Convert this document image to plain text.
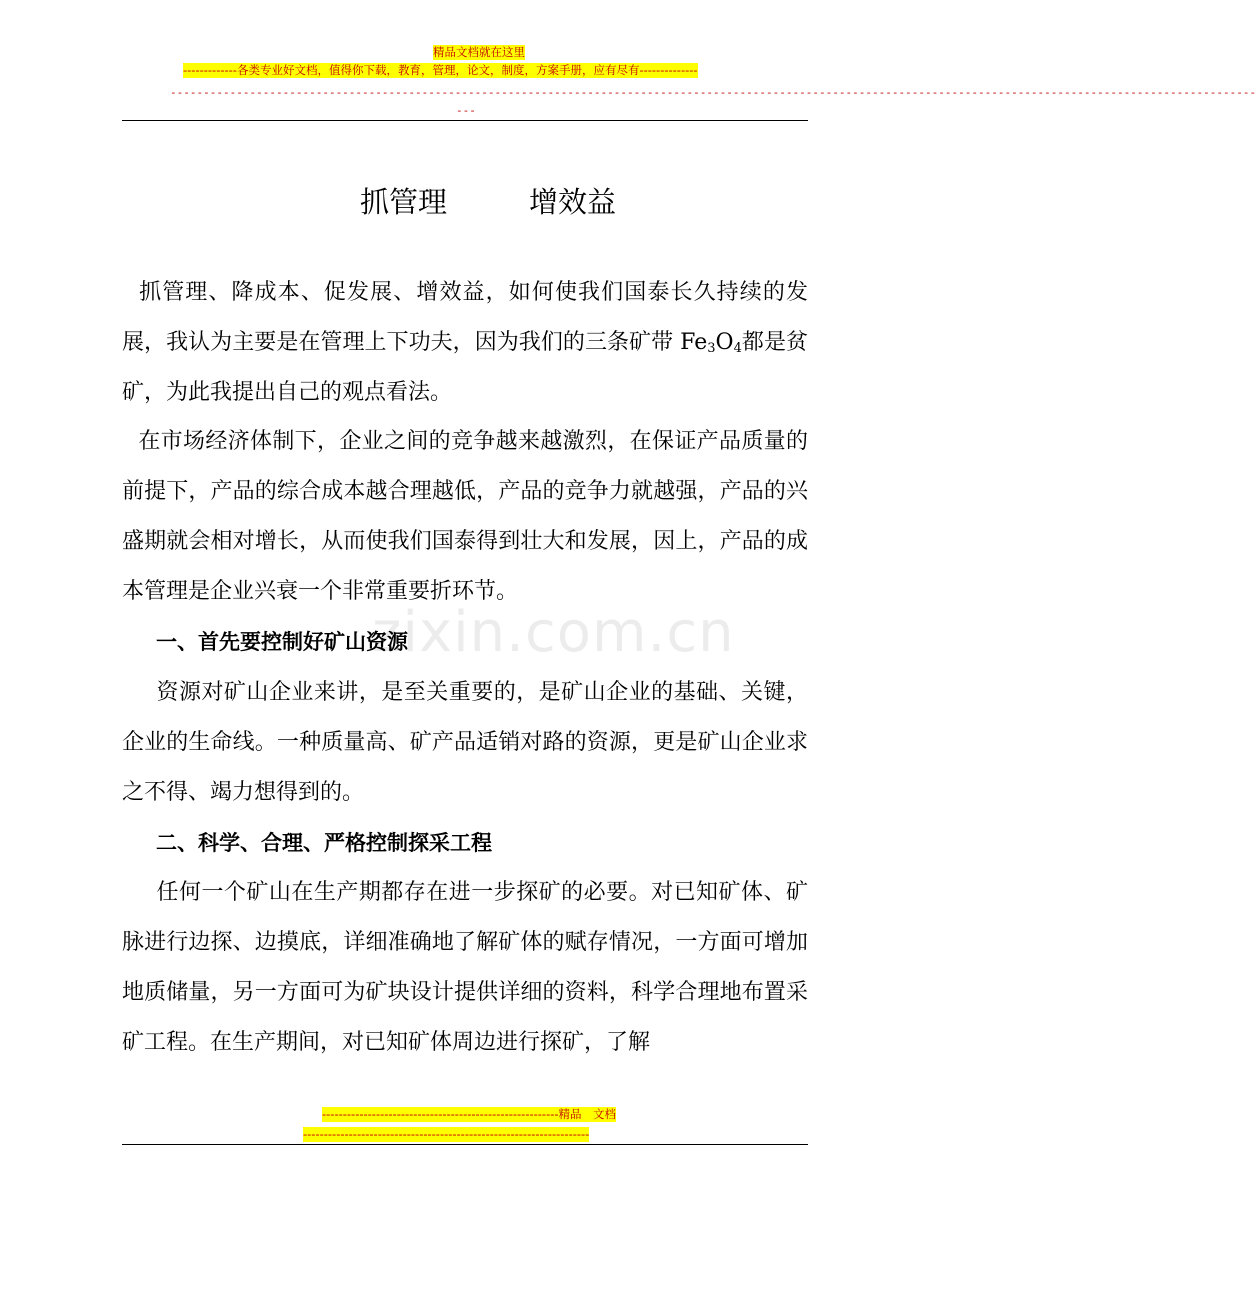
精品文档就在这里
-------------各类专业好文档，值得你下载，教育，管理，论文，制度，方案手册，应有尽有--------------
--------------------------------------------------------------------------------------------------------------------------------------------------------------------
---
抓管理	增效益
zixin.com.cn

抓管理、降成本、促发展、增效益，如何使我们国泰长久持续的发展，我认为主要是在管理上下功夫，因为我们的三条矿带 $Fe_3O_4$都是贫矿，为此我提出自己的观点看法。

在市场经济体制下，企业之间的竞争越来越激烈，在保证产品质量的前提下，产品的综合成本越合理越低，产品的竞争力就越强，产品的兴盛期就会相对增长，从而使我们国泰得到壮大和发展，因上，产品的成本管理是企业兴衰一个非常重要折环节。

一、首先要控制好矿山资源

资源对矿山企业来讲，是至关重要的，是矿山企业的基础、关键，企业的生命线。一种质量高、矿产品适销对路的资源，更是矿山企业求之不得、竭力想得到的。

二、科学、合理、严格控制探采工程

任何一个矿山在生产期都存在进一步探矿的必要。对已知矿体、矿脉进行边探、边摸底，详细准确地了解矿体的赋存情况，一方面可增加地质储量，另一方面可为矿块设计提供详细的资料，科学合理地布置采矿工程。在生产期间，对已知矿体周边进行探矿，了解

---------------------------------------------------------精品　文档
---------------------------------------------------------------------
